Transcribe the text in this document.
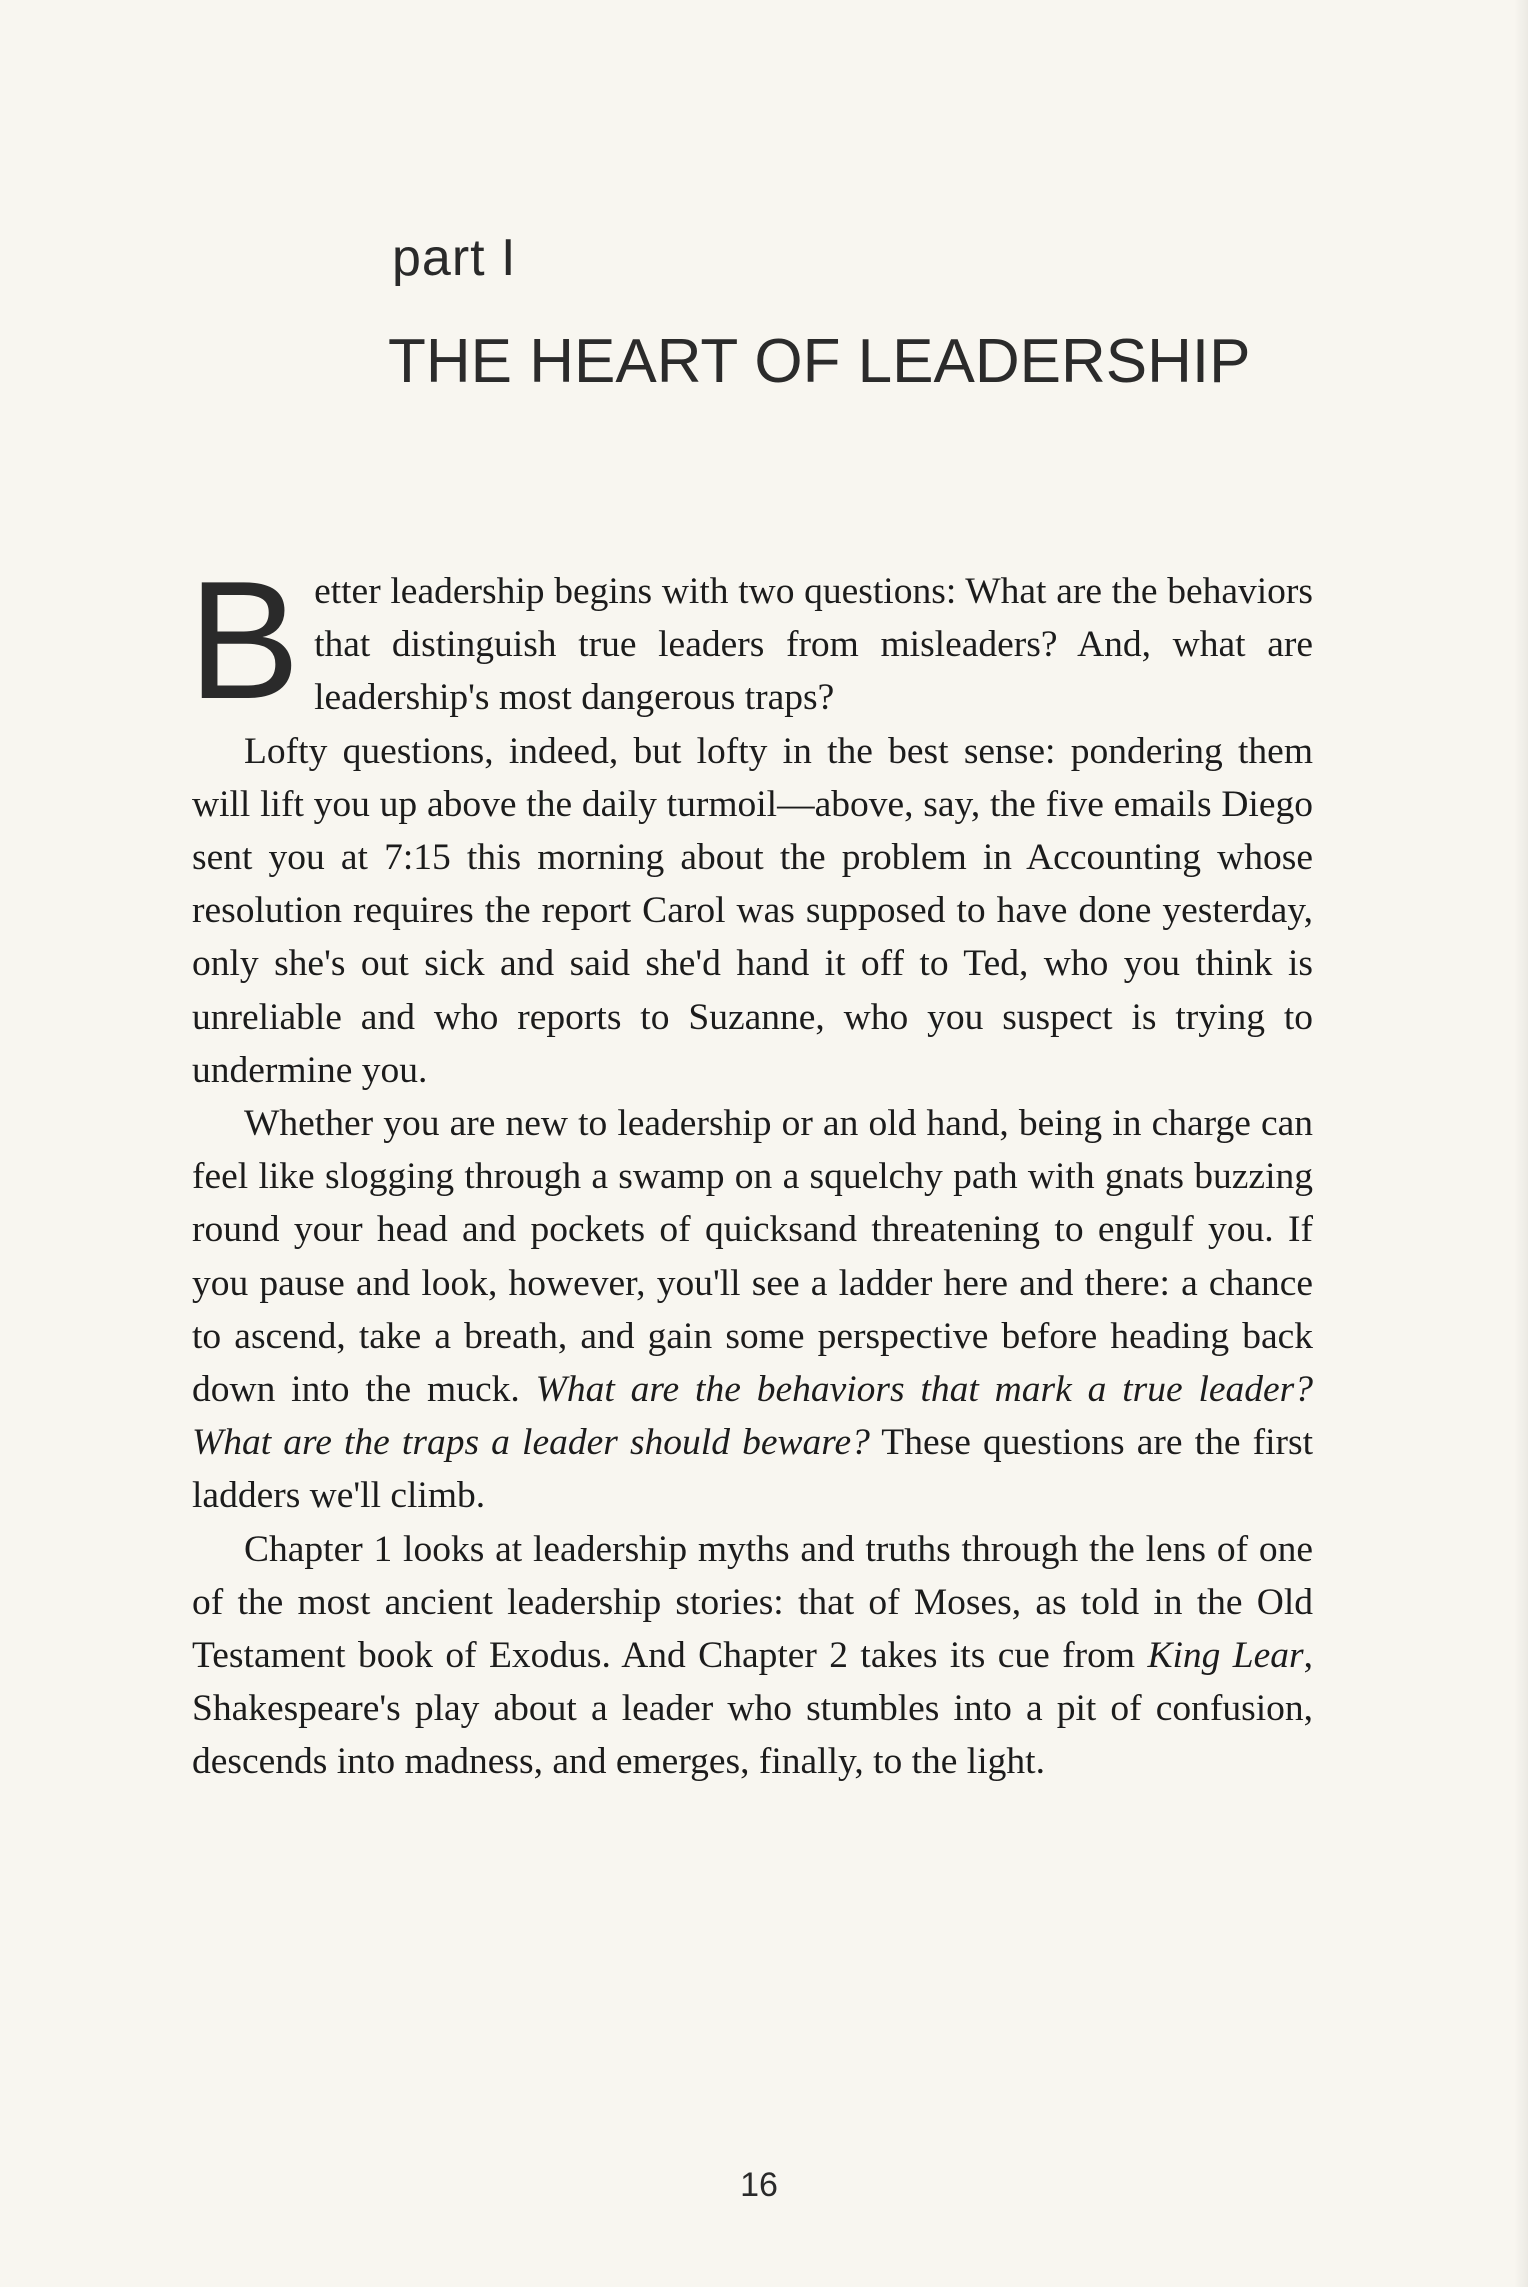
part I
THE HEART OF LEADERSHIP

Better leadership begins with two questions: What are the behaviors that distinguish true leaders from misleaders? And, what are leadership's most dangerous traps?

Lofty questions, indeed, but lofty in the best sense: pondering them will lift you up above the daily turmoil—above, say, the five emails Diego sent you at 7:15 this morning about the problem in Accounting whose resolution requires the report Carol was supposed to have done yesterday, only she's out sick and said she'd hand it off to Ted, who you think is unreliable and who reports to Suzanne, who you suspect is trying to undermine you.

Whether you are new to leadership or an old hand, being in charge can feel like slogging through a swamp on a squelchy path with gnats buzzing round your head and pockets of quicksand threatening to engulf you. If you pause and look, however, you'll see a ladder here and there: a chance to ascend, take a breath, and gain some perspective before heading back down into the muck. What are the behaviors that mark a true leader? What are the traps a leader should beware? These questions are the first ladders we'll climb.

Chapter 1 looks at leadership myths and truths through the lens of one of the most ancient leadership stories: that of Moses, as told in the Old Testament book of Exodus. And Chapter 2 takes its cue from King Lear, Shakespeare's play about a leader who stumbles into a pit of confusion, descends into madness, and emerges, finally, to the light.

16
